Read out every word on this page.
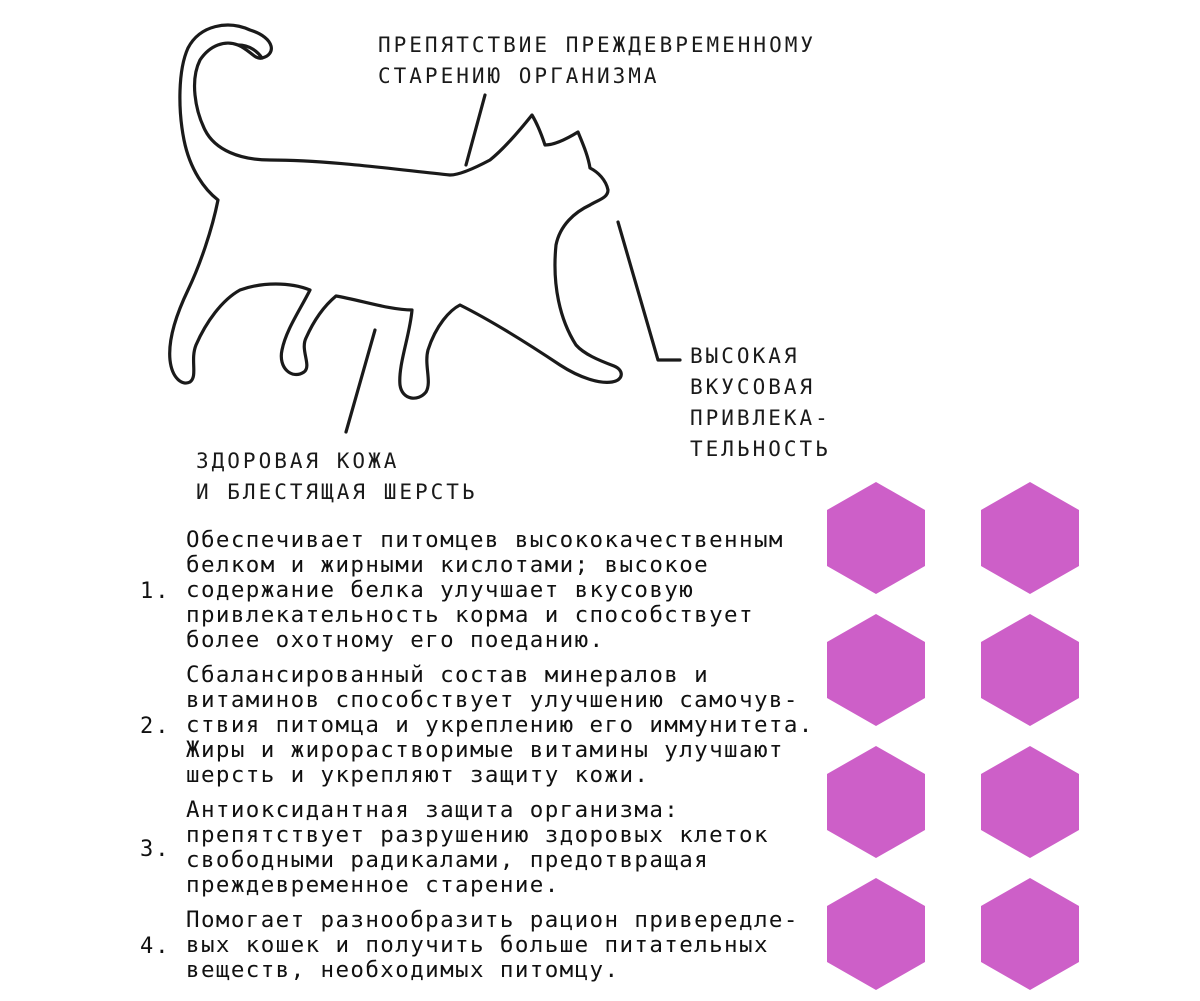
ПРЕПЯТСТВИЕ ПРЕЖДЕВРЕМЕННОМУ
СТАРЕНИЮ ОРГАНИЗМА
ВЫСОКАЯ
ВКУСОВАЯ
ПРИВЛЕКА-
ТЕЛЬНОСТЬ
ЗДОРОВАЯ КОЖА
И БЛЕСТЯЩАЯ ШЕРСТЬ
1.
Обеспечивает питомцев высококачественным
белком и жирными кислотами; высокое
содержание белка улучшает вкусовую
привлекательность корма и способствует
более охотному его поеданию.
2.
Сбалансированный состав минералов и
витаминов способствует улучшению самочув-
ствия питомца и укреплению его иммунитета.
Жиры и жирорастворимые витамины улучшают
шерсть и укрепляют защиту кожи.
3.
Антиоксидантная защита организма:
препятствует разрушению здоровых клеток
свободными радикалами, предотвращая
преждевременное старение.
4.
Помогает разнообразить рацион привередле-
вых кошек и получить больше питательных
веществ, необходимых питомцу.
